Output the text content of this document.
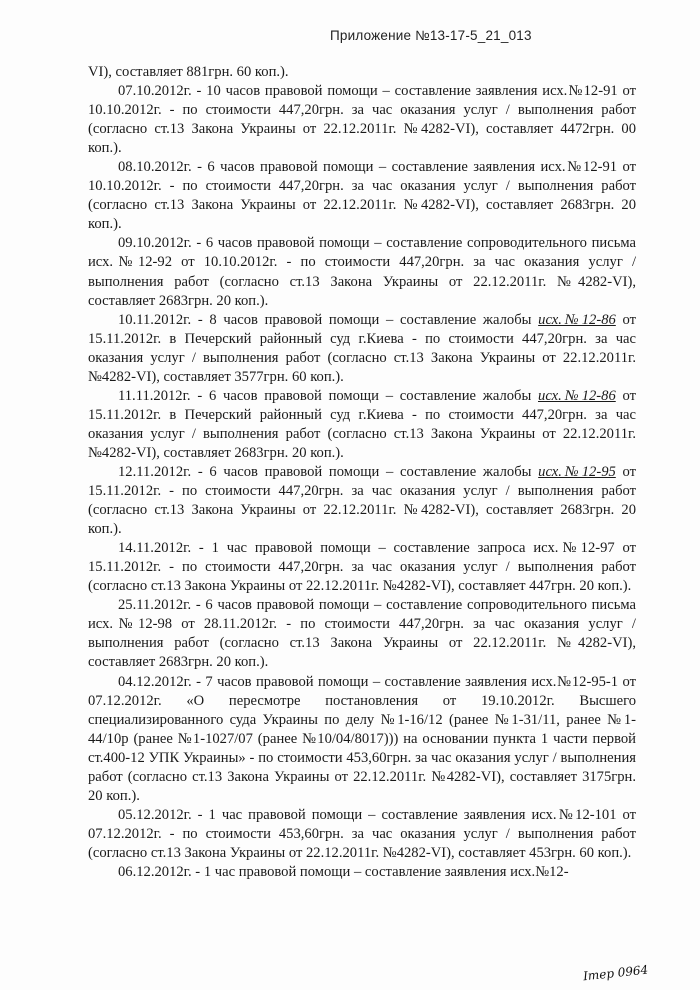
Приложение №13-17-5_21_013

VI), составляет 881грн. 60 коп.).

07.10.2012г. - 10 часов правовой помощи – составление заявления исх.№12-91 от 10.10.2012г. - по стоимости 447,20грн. за час оказания услуг / выполнения работ (согласно ст.13 Закона Украины от 22.12.2011г. №4282-VI), составляет 4472грн. 00 коп.).

08.10.2012г. - 6 часов правовой помощи – составление заявления исх.№12-91 от 10.10.2012г. - по стоимости 447,20грн. за час оказания услуг / выполнения работ (согласно ст.13 Закона Украины от 22.12.2011г. №4282-VI), составляет 2683грн. 20 коп.).

09.10.2012г. - 6 часов правовой помощи – составление сопроводительного письма исх.№12-92 от 10.10.2012г. - по стоимости 447,20грн. за час оказания услуг / выполнения работ (согласно ст.13 Закона Украины от 22.12.2011г. №4282-VI), составляет 2683грн. 20 коп.).

10.11.2012г. - 8 часов правовой помощи – составление жалобы исх.№12-86 от 15.11.2012г. в Печерский районный суд г.Киева - по стоимости 447,20грн. за час оказания услуг / выполнения работ (согласно ст.13 Закона Украины от 22.12.2011г. №4282-VI), составляет 3577грн. 60 коп.).

11.11.2012г. - 6 часов правовой помощи – составление жалобы исх.№12-86 от 15.11.2012г. в Печерский районный суд г.Киева - по стоимости 447,20грн. за час оказания услуг / выполнения работ (согласно ст.13 Закона Украины от 22.12.2011г. №4282-VI), составляет 2683грн. 20 коп.).

12.11.2012г. - 6 часов правовой помощи – составление жалобы исх.№12-95 от 15.11.2012г. - по стоимости 447,20грн. за час оказания услуг / выполнения работ (согласно ст.13 Закона Украины от 22.12.2011г. №4282-VI), составляет 2683грн. 20 коп.).

14.11.2012г. - 1 час правовой помощи – составление запроса исх.№12-97 от 15.11.2012г. - по стоимости 447,20грн. за час оказания услуг / выполнения работ (согласно ст.13 Закона Украины от 22.12.2011г. №4282-VI), составляет 447грн. 20 коп.).

25.11.2012г. - 6 часов правовой помощи – составление сопроводительного письма исх.№12-98 от 28.11.2012г. - по стоимости 447,20грн. за час оказания услуг / выполнения работ (согласно ст.13 Закона Украины от 22.12.2011г. №4282-VI), составляет 2683грн. 20 коп.).

04.12.2012г. - 7 часов правовой помощи – составление заявления исх.№12-95-1 от 07.12.2012г. «О пересмотре постановления от 19.10.2012г. Высшего специализированного суда Украины по делу №1-16/12 (ранее №1-31/11, ранее №1-44/10р (ранее №1-1027/07 (ранее №10/04/8017))) на основании пункта 1 части первой ст.400-12 УПК Украины» - по стоимости 453,60грн. за час оказания услуг / выполнения работ (согласно ст.13 Закона Украины от 22.12.2011г. №4282-VI), составляет 3175грн. 20 коп.).

05.12.2012г. - 1 час правовой помощи – составление заявления исх.№12-101 от 07.12.2012г. - по стоимости 453,60грн. за час оказания услуг / выполнения работ (согласно ст.13 Закона Украины от 22.12.2011г. №4282-VI), составляет 453грн. 60 коп.).

06.12.2012г. - 1 час правовой помощи – составление заявления исх.№12-

Ітер 0964
